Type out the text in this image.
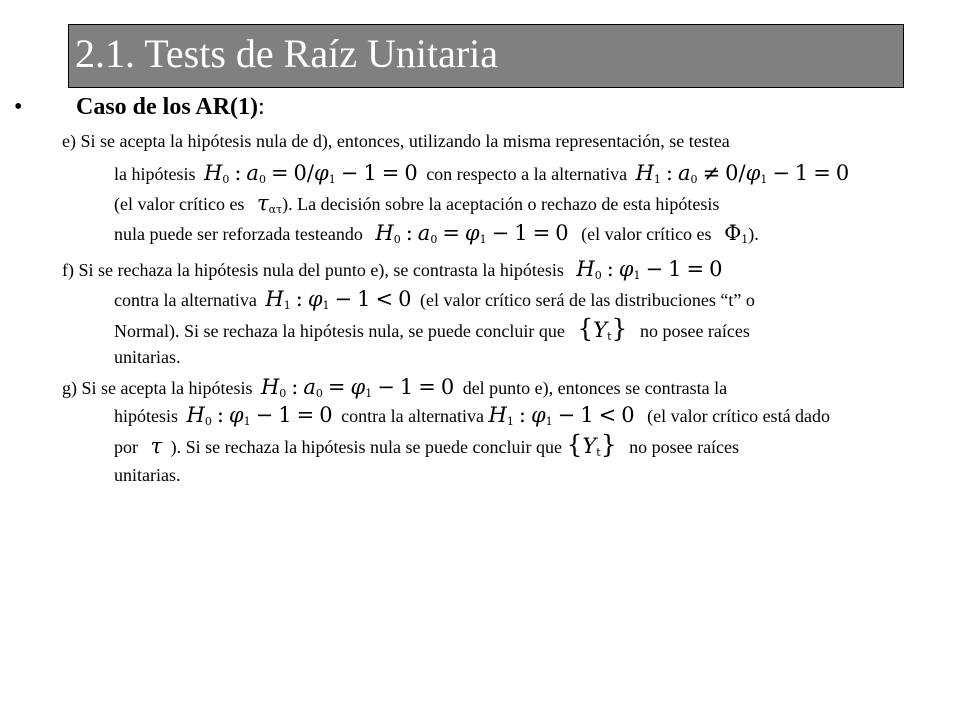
2.1. Tests de Raíz Unitaria
• Caso de los AR(1):
e) Si se acepta la hipótesis nula de d), entonces, utilizando la misma representación, se testea
la hipótesis $H_0$ : $a_0 = 0/\varphi_1 - 1 = 0$ con respecto a la alternativa $H_1$ : $a_0 \ne 0/\varphi_1 - 1 = 0$
(el valor crítico es $\tau_{\alpha\tau}$). La decisión sobre la aceptación o rechazo de esta hipótesis
nula puede ser reforzada testeando $H_0$ : $a_0 = \varphi_1 - 1 = 0$ (el valor crítico es $\Phi_1$).
f) Si se rechaza la hipótesis nula del punto e), se contrasta la hipótesis $H_0$ : $\varphi_1 - 1 = 0$
contra la alternativa $H_1$ : $\varphi_1 - 1 < 0$ (el valor crítico será de las distribuciones “t” o
Normal). Si se rechaza la hipótesis nula, se puede concluir que $\{Y_t\}$ no posee raíces
unitarias.
g) Si se acepta la hipótesis $H_0$ : $a_0 = \varphi_1 - 1 = 0$ del punto e), entonces se contrasta la
hipótesis $H_0$ : $\varphi_1 - 1 = 0$ contra la alternativa $H_1$ : $\varphi_1 - 1 < 0$ (el valor crítico está dado
por τ ). Si se rechaza la hipótesis nula se puede concluir que $\{Y_t\}$ no posee raíces
unitarias.
